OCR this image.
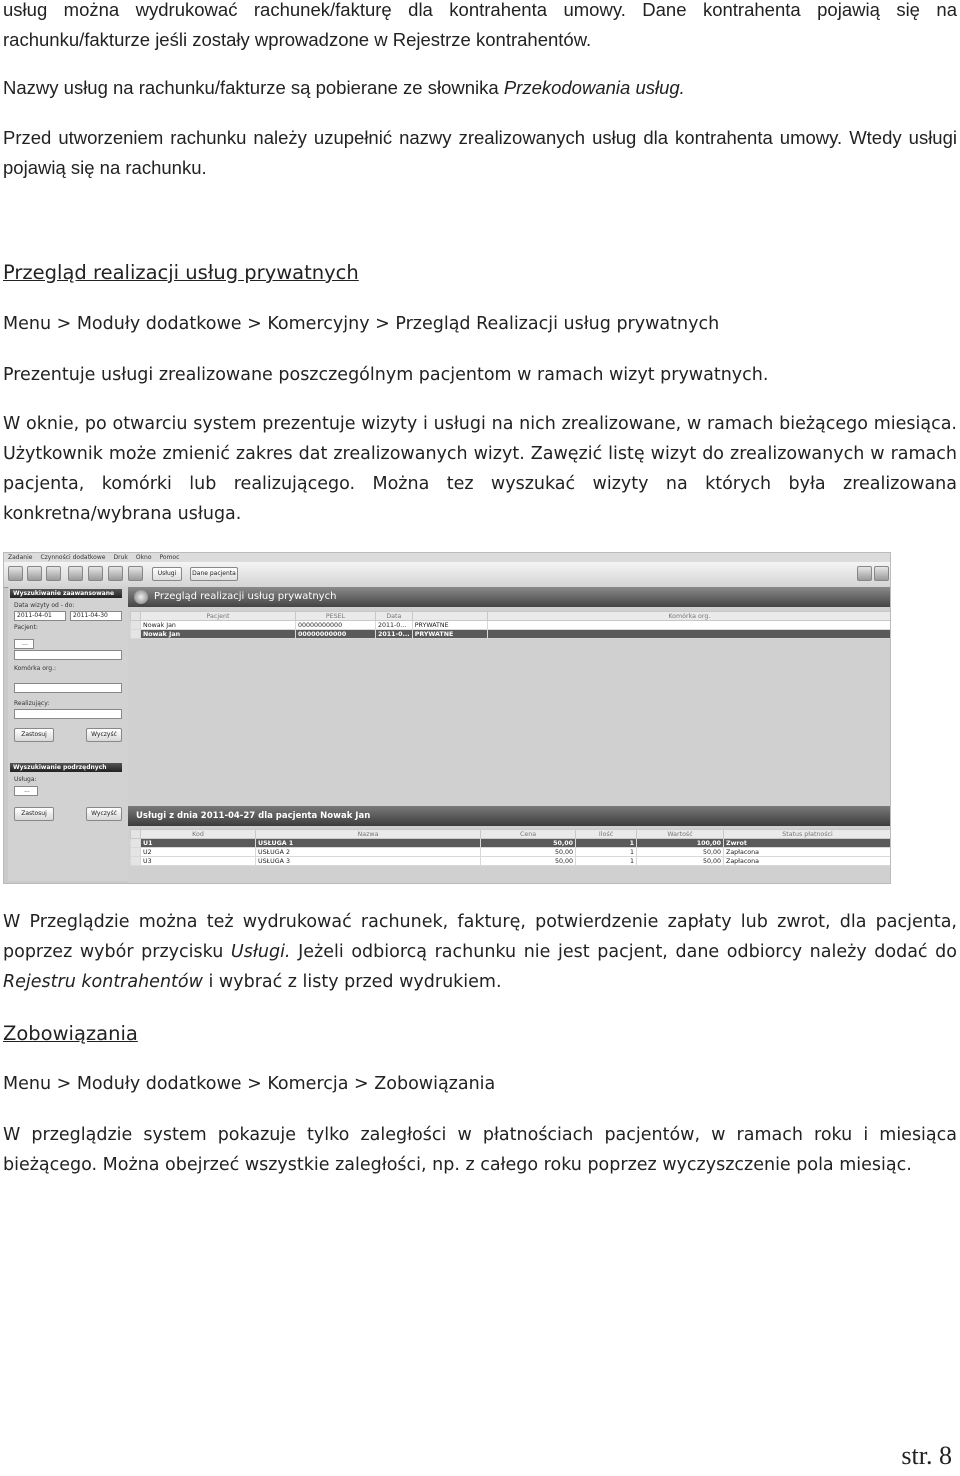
usług można wydrukować rachunek/fakturę dla kontrahenta umowy. Dane kontrahenta pojawią się na rachunku/fakturze jeśli zostały wprowadzone w Rejestrze kontrahentów.

Nazwy usług na rachunku/fakturze są pobierane ze słownika Przekodowania usług.

Przed utworzeniem rachunku należy uzupełnić nazwy zrealizowanych usług dla kontrahenta umowy. Wtedy usługi pojawią się na rachunku.

Przegląd realizacji usług prywatnych

Menu > Moduły dodatkowe > Komercyjny > Przegląd Realizacji usług prywatnych

Prezentuje usługi zrealizowane poszczególnym pacjentom w ramach wizyt prywatnych.

W oknie, po otwarciu system prezentuje wizyty i usługi na nich zrealizowane, w ramach bieżącego miesiąca. Użytkownik może zmienić zakres dat zrealizowanych wizyt. Zawęzić listę wizyt do zrealizowanych w ramach pacjenta, komórki lub realizującego. Można tez wyszukać wizyty na których była zrealizowana konkretna/wybrana usługa.

Zadanie Czynności dodatkowe Druk Okno Pomoc
Usługi	Dane pacjenta
Wyszukiwanie zaawansowane
Data wizyty od - do:
2011-04-01	2011-04-30
Pacjent:
...
Komórka org.:
Realizujący:
Zastosuj	Wyczyść
Wyszukiwanie podrzędnych
Usługa:
...
Zastosuj	Wyczyść
Przegląd realizacji usług prywatnych
	Pacjent	PESEL	Data		Komórka org.
	Nowak Jan	00000000000	2011-0...	PRYWATNE	
	Nowak Jan	00000000000	2011-0...	PRYWATNE	
Usługi z dnia 2011-04-27 dla pacjenta Nowak Jan
	Kod	Nazwa	Cena	Ilość	Wartość	Status płatności
	U1	USŁUGA 1	50,00	1	100,00	Zwrot
	U2	USŁUGA 2	50,00	1	50,00	Zapłacona
	U3	USŁUGA 3	50,00	1	50,00	Zapłacona

W Przeglądzie można też wydrukować rachunek, fakturę, potwierdzenie zapłaty lub zwrot, dla pacjenta, poprzez wybór przycisku Usługi. Jeżeli odbiorcą rachunku nie jest pacjent, dane odbiorcy należy dodać do Rejestru kontrahentów i wybrać z listy przed wydrukiem.

Zobowiązania

Menu > Moduły dodatkowe > Komercja > Zobowiązania

W przeglądzie system pokazuje tylko zaległości w płatnościach pacjentów, w ramach roku i miesiąca bieżącego. Można obejrzeć wszystkie zaległości, np. z całego roku poprzez wyczyszczenie pola miesiąc.

str. 8
